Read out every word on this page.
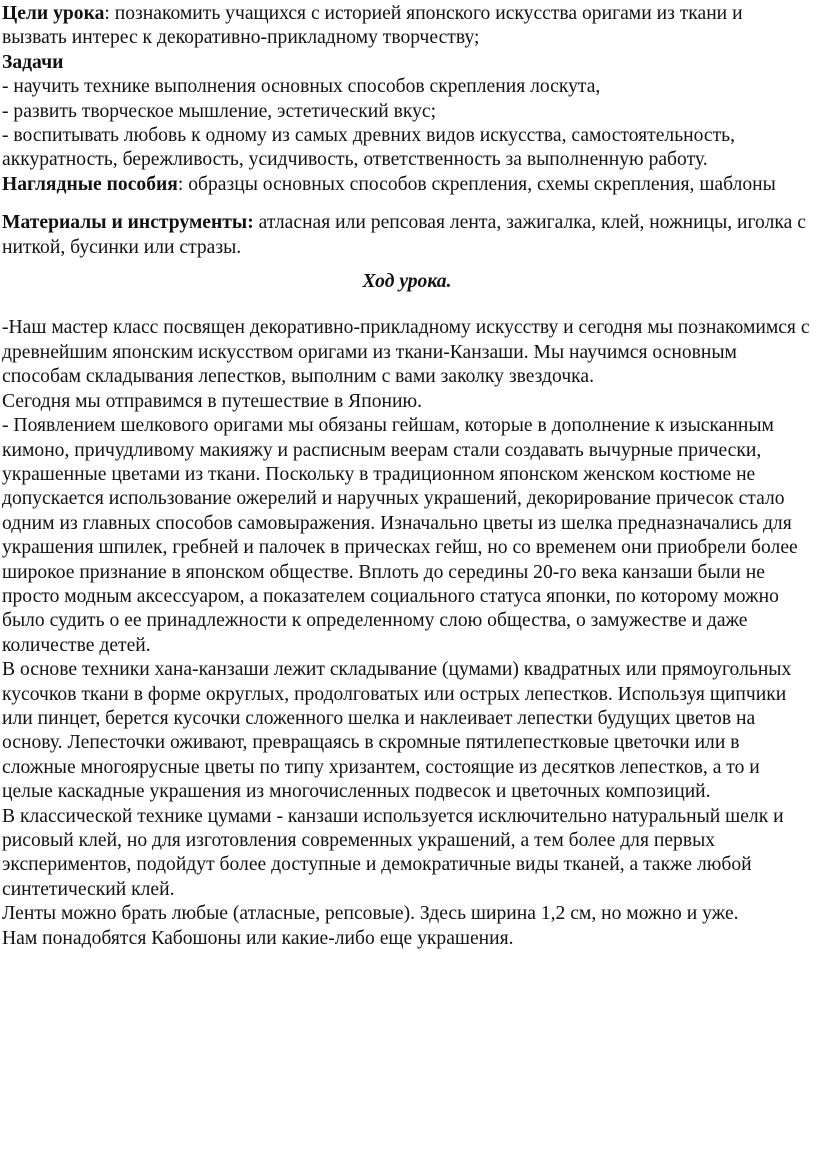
Цели урока: познакомить учащихся с историей японского искусства оригами из ткани и вызвать интерес к декоративно-прикладному творчеству;

Задачи

- научить технике выполнения основных способов скрепления лоскута,

- развить творческое мышление, эстетический вкус;

- воспитывать любовь к одному из самых древних видов искусства, самостоятельность, аккуратность, бережливость, усидчивость, ответственность за выполненную работу.

Наглядные пособия: образцы основных способов скрепления, схемы скрепления, шаблоны

Материалы и инструменты: атласная или репсовая лента, зажигалка, клей, ножницы, иголка с ниткой, бусинки или стразы.

Ход урока.

-Наш мастер класс посвящен декоративно-прикладному искусству и сегодня мы познакомимся с древнейшим японским искусством оригами из ткани-Канзаши. Мы научимся основным способам складывания лепестков, выполним с вами заколку звездочка.

Сегодня мы отправимся в путешествие в Японию.

- Появлением шелкового оригами мы обязаны гейшам, которые в дополнение к изысканным кимоно, причудливому макияжу и расписным веерам стали создавать вычурные прически, украшенные цветами из ткани. Поскольку в традиционном японском женском костюме не допускается использование ожерелий и наручных украшений, декорирование причесок стало одним из главных способов самовыражения. Изначально цветы из шелка предназначались для украшения шпилек, гребней и палочек в прическах гейш, но со временем они приобрели более широкое признание в японском обществе. Вплоть до середины 20-го века канзаши были не просто модным аксессуаром, а показателем социального статуса японки, по которому можно было судить о ее принадлежности к определенному слою общества, о замужестве и даже количестве детей.

В основе техники хана-канзаши лежит складывание (цумами) квадратных или прямоугольных кусочков ткани в форме округлых, продолговатых или острых лепестков. Используя щипчики или пинцет, берется кусочки сложенного шелка и наклеивает лепестки будущих цветов на основу. Лепесточки оживают, превращаясь в скромные пятилепестковые цветочки или в сложные многоярусные цветы по типу хризантем, состоящие из десятков лепестков, а то и целые каскадные украшения из многочисленных подвесок и цветочных композиций.

В классической технике цумами - канзаши используется исключительно натуральный шелк и рисовый клей, но для изготовления современных украшений, а тем более для первых экспериментов, подойдут более доступные и демократичные виды тканей, а также любой синтетический клей.

Ленты можно брать любые (атласные, репсовые). Здесь ширина 1,2 см, но можно и уже.

Нам понадобятся Кабошоны или какие-либо еще украшения.
